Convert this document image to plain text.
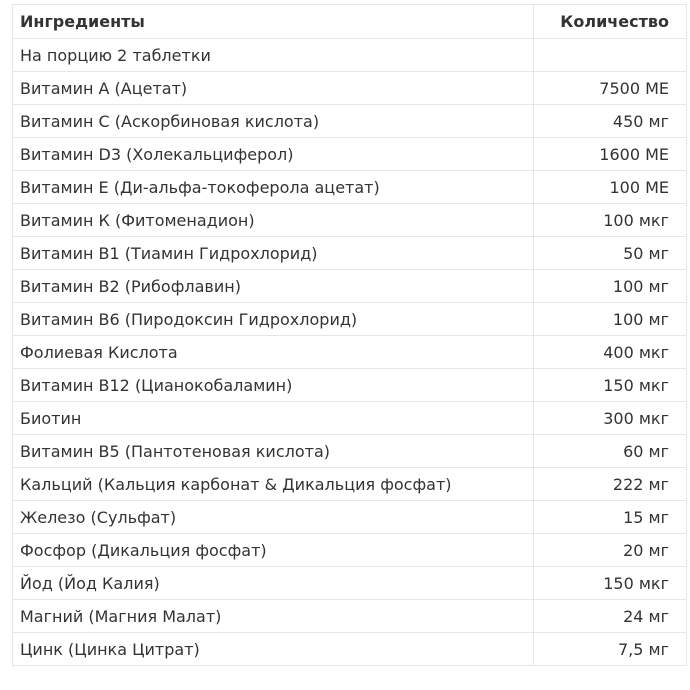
Ингредиенты	Количество
На порцию 2 таблетки	
Витамин А (Ацетат)	7500 МЕ
Витамин С (Аскорбиновая кислота)	450 мг
Витамин D3 (Холекальциферол)	1600 МЕ
Витамин Е (Ди-альфа-токоферола ацетат)	100 МЕ
Витамин К (Фитоменадион)	100 мкг
Витамин В1 (Тиамин Гидрохлорид)	50 мг
Витамин В2 (Рибофлавин)	100 мг
Витамин В6 (Пиродоксин Гидрохлорид)	100 мг
Фолиевая Кислота	400 мкг
Витамин В12 (Цианокобаламин)	150 мкг
Биотин	300 мкг
Витамин В5 (Пантотеновая кислота)	60 мг
Кальций (Кальция карбонат & Дикальция фосфат)	222 мг
Железо (Сульфат)	15 мг
Фосфор (Дикальция фосфат)	20 мг
Йод (Йод Калия)	150 мкг
Магний (Магния Малат)	24 мг
Цинк (Цинка Цитрат)	7,5 мг
